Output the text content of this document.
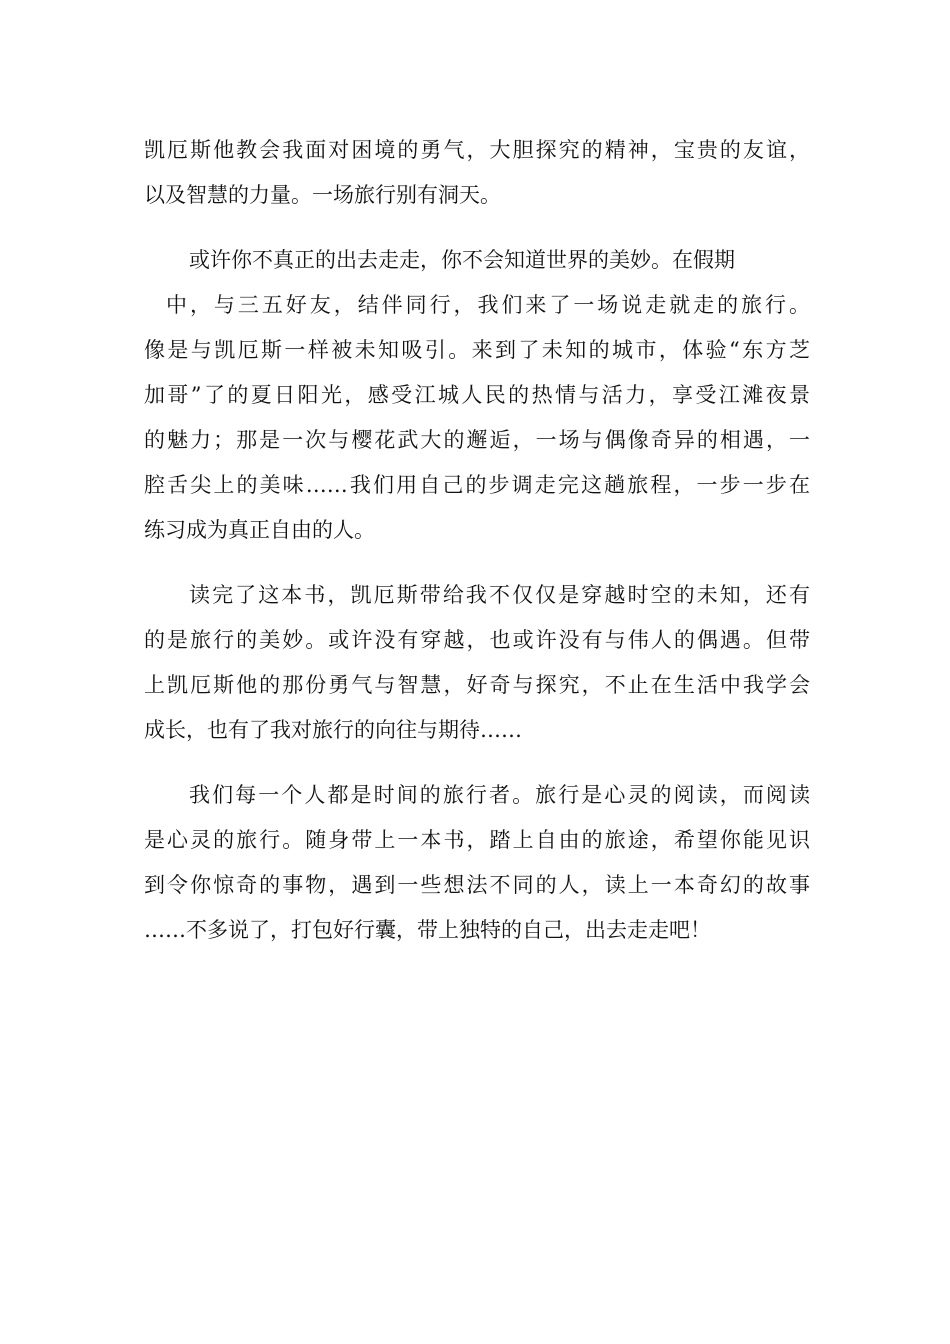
凯厄斯他教会我面对困境的勇气，大胆探究的精神，宝贵的友谊，
以及智慧的力量。一场旅行别有洞天。
或许你不真正的出去走走，你不会知道世界的美妙。在假期
中，与三五好友，结伴同行，我们来了一场说走就走的旅行。
像是与凯厄斯一样被未知吸引。来到了未知的城市，体验“东方芝
加哥”了的夏日阳光，感受江城人民的热情与活力，享受江滩夜景
的魅力；那是一次与樱花武大的邂逅，一场与偶像奇异的相遇，一
腔舌尖上的美味……我们用自己的步调走完这趟旅程，一步一步在
练习成为真正自由的人。
读完了这本书，凯厄斯带给我不仅仅是穿越时空的未知，还有
的是旅行的美妙。或许没有穿越，也或许没有与伟人的偶遇。但带
上凯厄斯他的那份勇气与智慧，好奇与探究，不止在生活中我学会
成长，也有了我对旅行的向往与期待……
我们每一个人都是时间的旅行者。旅行是心灵的阅读，而阅读
是心灵的旅行。随身带上一本书，踏上自由的旅途，希望你能见识
到令你惊奇的事物，遇到一些想法不同的人，读上一本奇幻的故事
……不多说了，打包好行囊，带上独特的自己，出去走走吧！
